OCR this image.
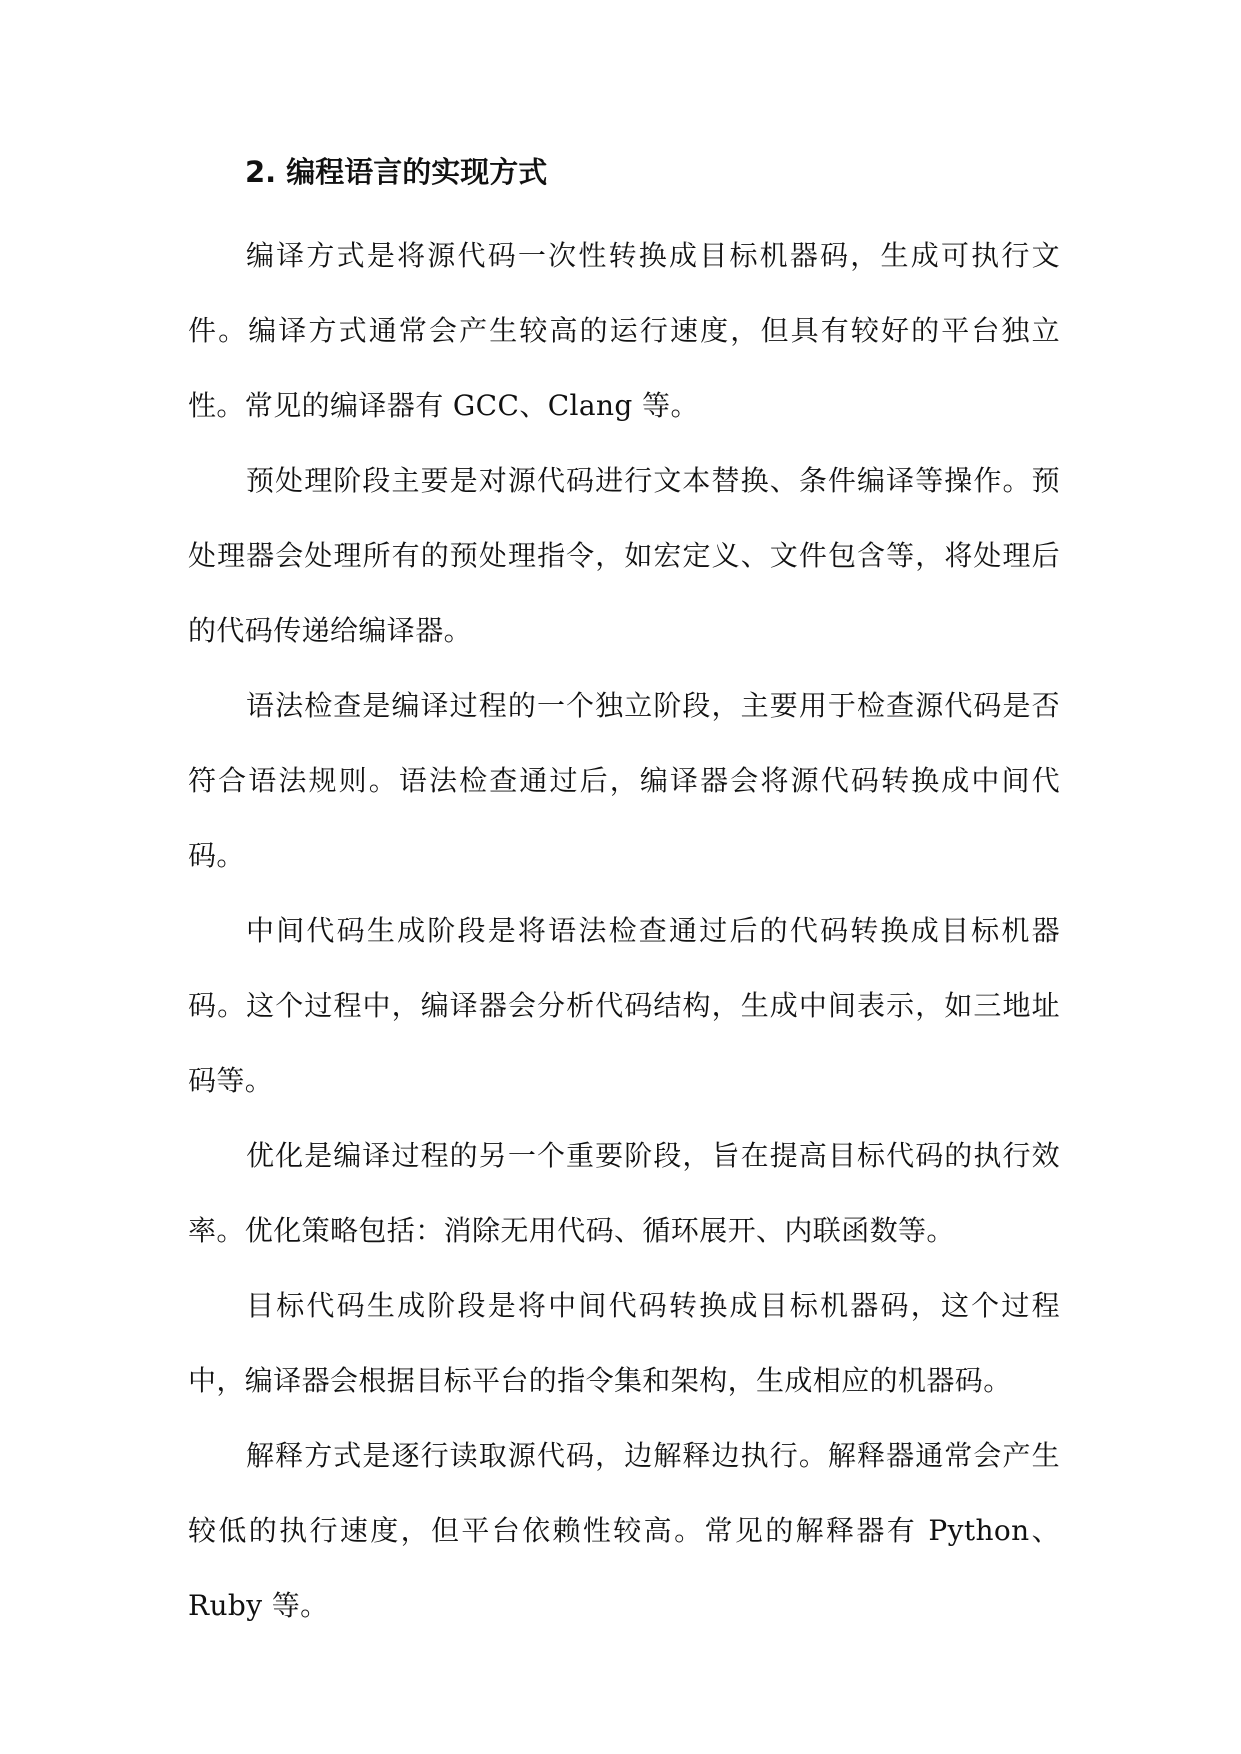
2. 编程语言的实现方式

编译方式是将源代码一次性转换成目标机器码，生成可执行文件。编译方式通常会产生较高的运行速度，但具有较好的平台独立性。常见的编译器有 GCC、Clang 等。

预处理阶段主要是对源代码进行文本替换、条件编译等操作。预处理器会处理所有的预处理指令，如宏定义、文件包含等，将处理后的代码传递给编译器。

语法检查是编译过程的一个独立阶段，主要用于检查源代码是否符合语法规则。语法检查通过后，编译器会将源代码转换成中间代码。

中间代码生成阶段是将语法检查通过后的代码转换成目标机器码。这个过程中，编译器会分析代码结构，生成中间表示，如三地址码等。

优化是编译过程的另一个重要阶段，旨在提高目标代码的执行效率。优化策略包括：消除无用代码、循环展开、内联函数等。

目标代码生成阶段是将中间代码转换成目标机器码，这个过程中，编译器会根据目标平台的指令集和架构，生成相应的机器码。

解释方式是逐行读取源代码，边解释边执行。解释器通常会产生较低的执行速度，但平台依赖性较高。常见的解释器有 Python、Ruby 等。
